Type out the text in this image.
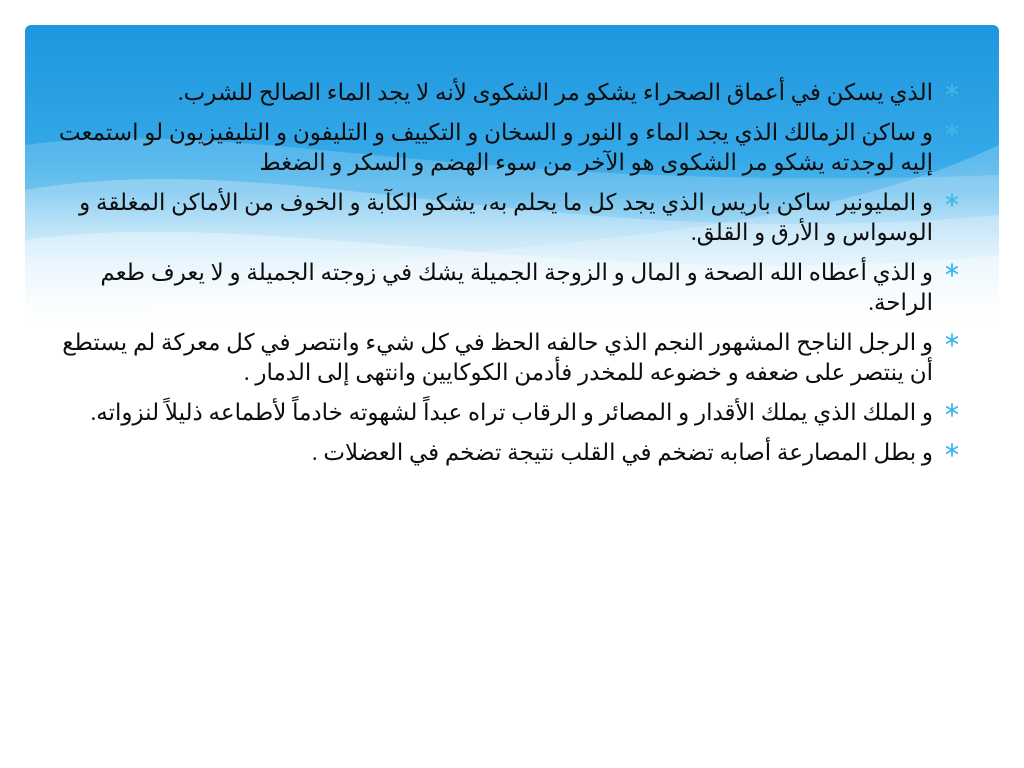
الذي يسكن في أعماق الصحراء يشكو مر الشكوى لأنه لا يجد الماء الصالح للشرب.
و ساكن الزمالك الذي يجد الماء و النور و السخان و التكييف و التليفون و التليفيزيون لو استمعت إليه لوجدته يشكو مر الشكوى هو الآخر من سوء الهضم و السكر و الضغط
و المليونير ساكن باريس الذي يجد كل ما يحلم به، يشكو الكآبة و الخوف من الأماكن المغلقة و الوسواس و الأرق و القلق.
و الذي أعطاه الله الصحة و المال و الزوجة الجميلة يشك في زوجته الجميلة و لا يعرف طعم الراحة.
و الرجل الناجح المشهور النجم الذي حالفه الحظ في كل شيء وانتصر في كل معركة لم يستطع أن ينتصر على ضعفه و خضوعه للمخدر فأدمن الكوكايين وانتهى إلى الدمار .
و الملك الذي يملك الأقدار و المصائر و الرقاب تراه عبداً لشهوته خادماً لأطماعه ذليلاً لنزواته.
و بطل المصارعة أصابه تضخم في القلب نتيجة تضخم في العضلات .
